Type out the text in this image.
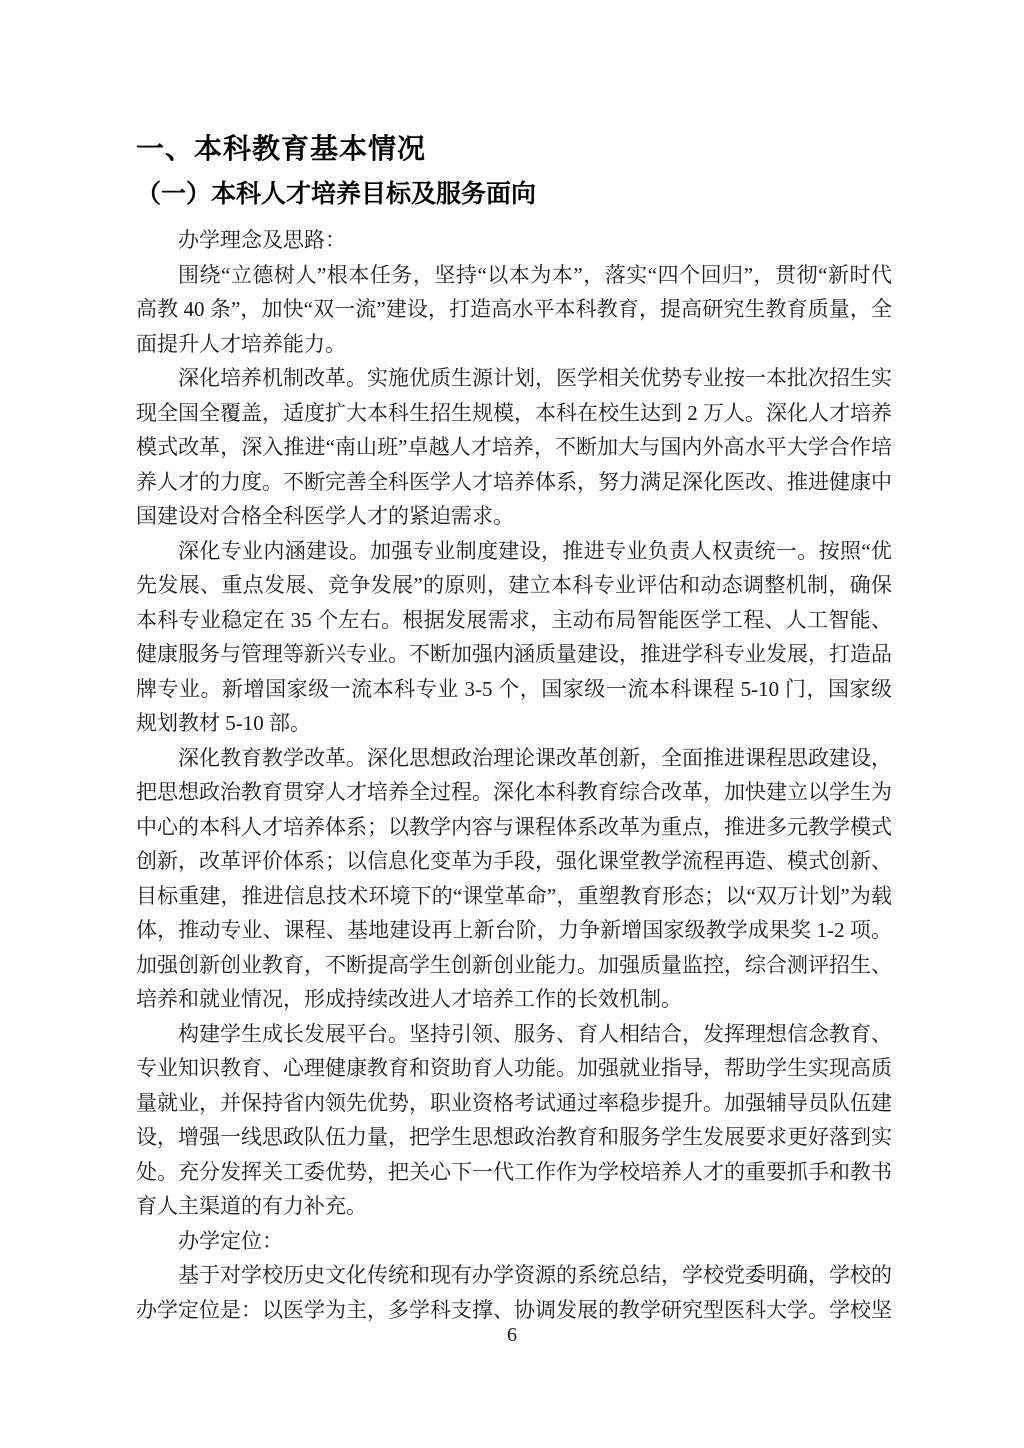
一、本科教育基本情况
（一）本科人才培养目标及服务面向

办学理念及思路：

围绕“立德树人”根本任务，坚持“以本为本”，落实“四个回归”，贯彻“新时代高教 40 条”，加快“双一流”建设，打造高水平本科教育，提高研究生教育质量，全面提升人才培养能力。

深化培养机制改革。实施优质生源计划，医学相关优势专业按一本批次招生实现全国全覆盖，适度扩大本科生招生规模，本科在校生达到 2 万人。深化人才培养模式改革，深入推进“南山班”卓越人才培养，不断加大与国内外高水平大学合作培养人才的力度。不断完善全科医学人才培养体系，努力满足深化医改、推进健康中国建设对合格全科医学人才的紧迫需求。

深化专业内涵建设。加强专业制度建设，推进专业负责人权责统一。按照“优先发展、重点发展、竞争发展”的原则，建立本科专业评估和动态调整机制，确保本科专业稳定在 35 个左右。根据发展需求，主动布局智能医学工程、人工智能、健康服务与管理等新兴专业。不断加强内涵质量建设，推进学科专业发展，打造品牌专业。新增国家级一流本科专业 3-5 个，国家级一流本科课程 5-10 门，国家级规划教材 5-10 部。

深化教育教学改革。深化思想政治理论课改革创新，全面推进课程思政建设，把思想政治教育贯穿人才培养全过程。深化本科教育综合改革，加快建立以学生为中心的本科人才培养体系；以教学内容与课程体系改革为重点，推进多元教学模式创新，改革评价体系；以信息化变革为手段，强化课堂教学流程再造、模式创新、目标重建，推进信息技术环境下的“课堂革命”，重塑教育形态；以“双万计划”为载体，推动专业、课程、基地建设再上新台阶，力争新增国家级教学成果奖 1-2 项。加强创新创业教育，不断提高学生创新创业能力。加强质量监控，综合测评招生、培养和就业情况，形成持续改进人才培养工作的长效机制。

构建学生成长发展平台。坚持引领、服务、育人相结合，发挥理想信念教育、专业知识教育、心理健康教育和资助育人功能。加强就业指导，帮助学生实现高质量就业，并保持省内领先优势，职业资格考试通过率稳步提升。加强辅导员队伍建设，增强一线思政队伍力量，把学生思想政治教育和服务学生发展要求更好落到实处。充分发挥关工委优势，把关心下一代工作作为学校培养人才的重要抓手和教书育人主渠道的有力补充。

办学定位：

基于对学校历史文化传统和现有办学资源的系统总结，学校党委明确，学校的办学定位是：以医学为主，多学科支撑、协调发展的教学研究型医科大学。学校坚

6
